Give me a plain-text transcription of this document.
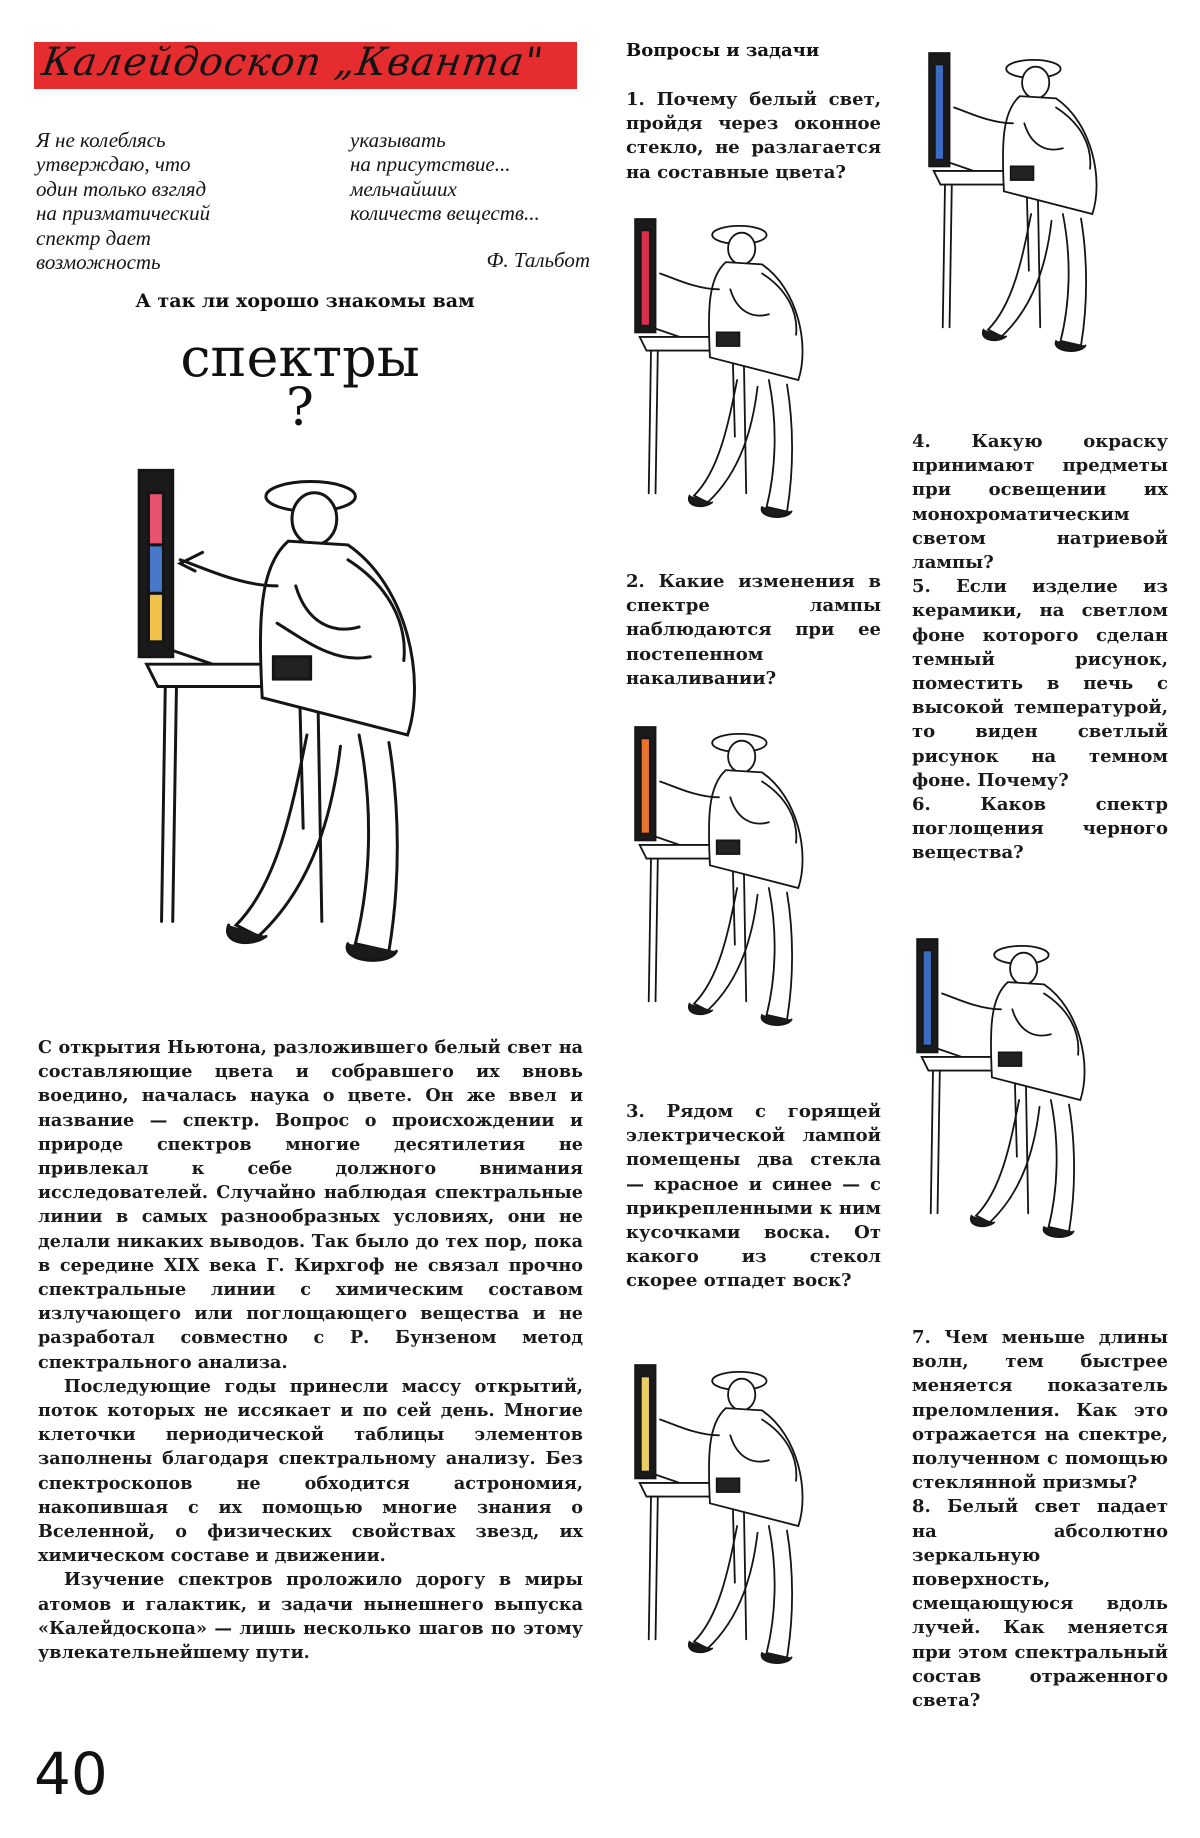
Калейдоскоп „Кванта"
Я не колеблясь
утверждаю, что
один только взгляд
на призматический
спектр дает
возможность
указывать
на присутствие...
мельчайших
количеств веществ...
Ф. Тальбот
А так ли хорошо знакомы вам
спектры
?

С открытия Ньютона, разложившего белый свет на составляющие цвета и собравшего их вновь воедино, началась наука о цвете. Он же ввел и название — спектр. Вопрос о происхождении и природе спектров многие десятилетия не привлекал к себе должного внимания исследователей. Случайно наблюдая спектральные линии в самых разнообразных условиях, они не делали никаких выводов. Так было до тех пор, пока в середине XIX века Г. Кирхгоф не связал прочно спектральные линии с химическим составом излучающего или поглощающего вещества и не разработал совместно с Р. Бунзеном метод спектрального анализа.

Последующие годы принесли массу открытий, поток которых не иссякает и по сей день. Многие клеточки периодической таблицы элементов заполнены благодаря спектральному анализу. Без спектроскопов не обходится астрономия, накопившая с их помощью многие знания о Вселенной, о физических свойствах звезд, их химическом составе и движении.

Изучение спектров проложило дорогу в миры атомов и галактик, и задачи нынешнего выпуска «Калейдоскопа» — лишь несколько шагов по этому увлекательнейшему пути.

Вопросы и задачи

1. Почему белый свет, пройдя через оконное стекло, не разлагается на составные цвета?

2. Какие изменения в спектре лампы наблюдаются при ее постепенном накаливании?

3. Рядом с горящей электрической лампой помещены два стекла — красное и синее — с прикрепленными к ним кусочками воска. От какого из стекол скорее отпадет воск?

4. Какую окраску принимают предметы при освещении их монохроматическим светом натриевой лампы?

5. Если изделие из керамики, на светлом фоне которого сделан темный рисунок, поместить в печь с высокой температурой, то виден светлый рисунок на темном фоне. Почему?

6. Каков спектр поглощения черного вещества?

7. Чем меньше длины волн, тем быстрее меняется показатель преломления. Как это отражается на спектре, полученном с помощью стеклянной призмы?

8. Белый свет падает на абсолютно зеркальную поверхность, смещающуюся вдоль лучей. Как меняется при этом спектральный состав отраженного света?

40
